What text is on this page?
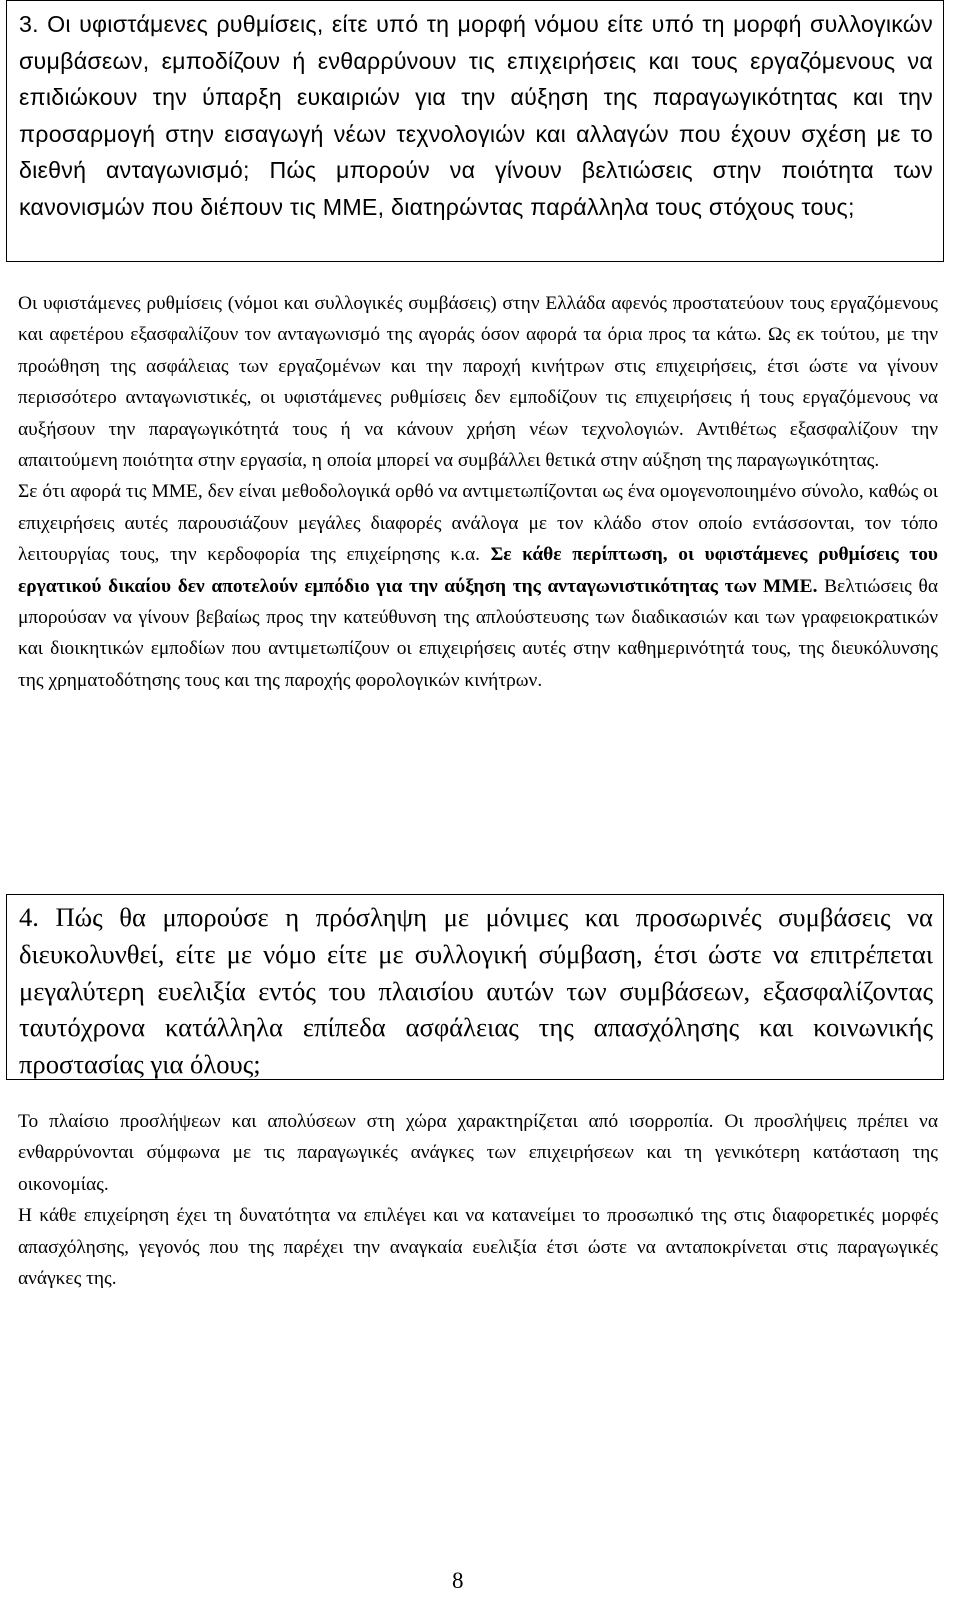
3. Οι υφιστάμενες ρυθμίσεις, είτε υπό τη μορφή νόμου είτε υπό τη μορφή συλλογικών συμβάσεων, εμποδίζουν ή ενθαρρύνουν τις επιχειρήσεις και τους εργαζόμενους να επιδιώκουν την ύπαρξη ευκαιριών για την αύξηση της παραγωγικότητας και την προσαρμογή στην εισαγωγή νέων τεχνολογιών και αλλαγών που έχουν σχέση με το διεθνή ανταγωνισμό; Πώς μπορούν να γίνουν βελτιώσεις στην ποιότητα των κανονισμών που διέπουν τις ΜΜΕ, διατηρώντας παράλληλα τους στόχους τους;

Οι υφιστάμενες ρυθμίσεις (νόμοι και συλλογικές συμβάσεις) στην Ελλάδα αφενός προστατεύουν τους εργαζόμενους και αφετέρου εξασφαλίζουν τον ανταγωνισμό της αγοράς όσον αφορά τα όρια προς τα κάτω. Ως εκ τούτου, με την προώθηση της ασφάλειας των εργαζομένων και την παροχή κινήτρων στις επιχειρήσεις, έτσι ώστε να γίνουν περισσότερο ανταγωνιστικές, οι υφιστάμενες ρυθμίσεις δεν εμποδίζουν τις επιχειρήσεις ή τους εργαζόμενους να αυξήσουν την παραγωγικότητά τους ή να κάνουν χρήση νέων τεχνολογιών. Αντιθέτως εξασφαλίζουν την απαιτούμενη ποιότητα στην εργασία, η οποία μπορεί να συμβάλλει θετικά στην αύξηση της παραγωγικότητας.

Σε ότι αφορά τις ΜΜΕ, δεν είναι μεθοδολογικά ορθό να αντιμετωπίζονται ως ένα ομογενοποιημένο σύνολο, καθώς οι επιχειρήσεις αυτές παρουσιάζουν μεγάλες διαφορές ανάλογα με τον κλάδο στον οποίο εντάσσονται, τον τόπο λειτουργίας τους, την κερδοφορία της επιχείρησης κ.α. Σε κάθε περίπτωση, οι υφιστάμενες ρυθμίσεις του εργατικού δικαίου δεν αποτελούν εμπόδιο για την αύξηση της ανταγωνιστικότητας των ΜΜΕ. Βελτιώσεις θα μπορούσαν να γίνουν βεβαίως προς την κατεύθυνση της απλούστευσης των διαδικασιών και των γραφειοκρατικών και διοικητικών εμποδίων που αντιμετωπίζουν οι επιχειρήσεις αυτές στην καθημερινότητά τους, της διευκόλυνσης της χρηματοδότησης τους και της παροχής φορολογικών κινήτρων.

4. Πώς θα μπορούσε η πρόσληψη με μόνιμες και προσωρινές συμβάσεις να διευκολυνθεί, είτε με νόμο είτε με συλλογική σύμβαση, έτσι ώστε να επιτρέπεται μεγαλύτερη ευελιξία εντός του πλαισίου αυτών των συμβάσεων, εξασφαλίζοντας ταυτόχρονα κατάλληλα επίπεδα ασφάλειας της απασχόλησης και κοινωνικής προστασίας για όλους;

Το πλαίσιο προσλήψεων και απολύσεων στη χώρα χαρακτηρίζεται από ισορροπία. Οι προσλήψεις πρέπει να ενθαρρύνονται σύμφωνα με τις παραγωγικές ανάγκες των επιχειρήσεων και τη γενικότερη κατάσταση της οικονομίας.

Η κάθε επιχείρηση έχει τη δυνατότητα να επιλέγει και να κατανείμει το προσωπικό της στις διαφορετικές μορφές απασχόλησης, γεγονός που της παρέχει την αναγκαία ευελιξία έτσι ώστε να ανταποκρίνεται στις παραγωγικές ανάγκες της.

8
